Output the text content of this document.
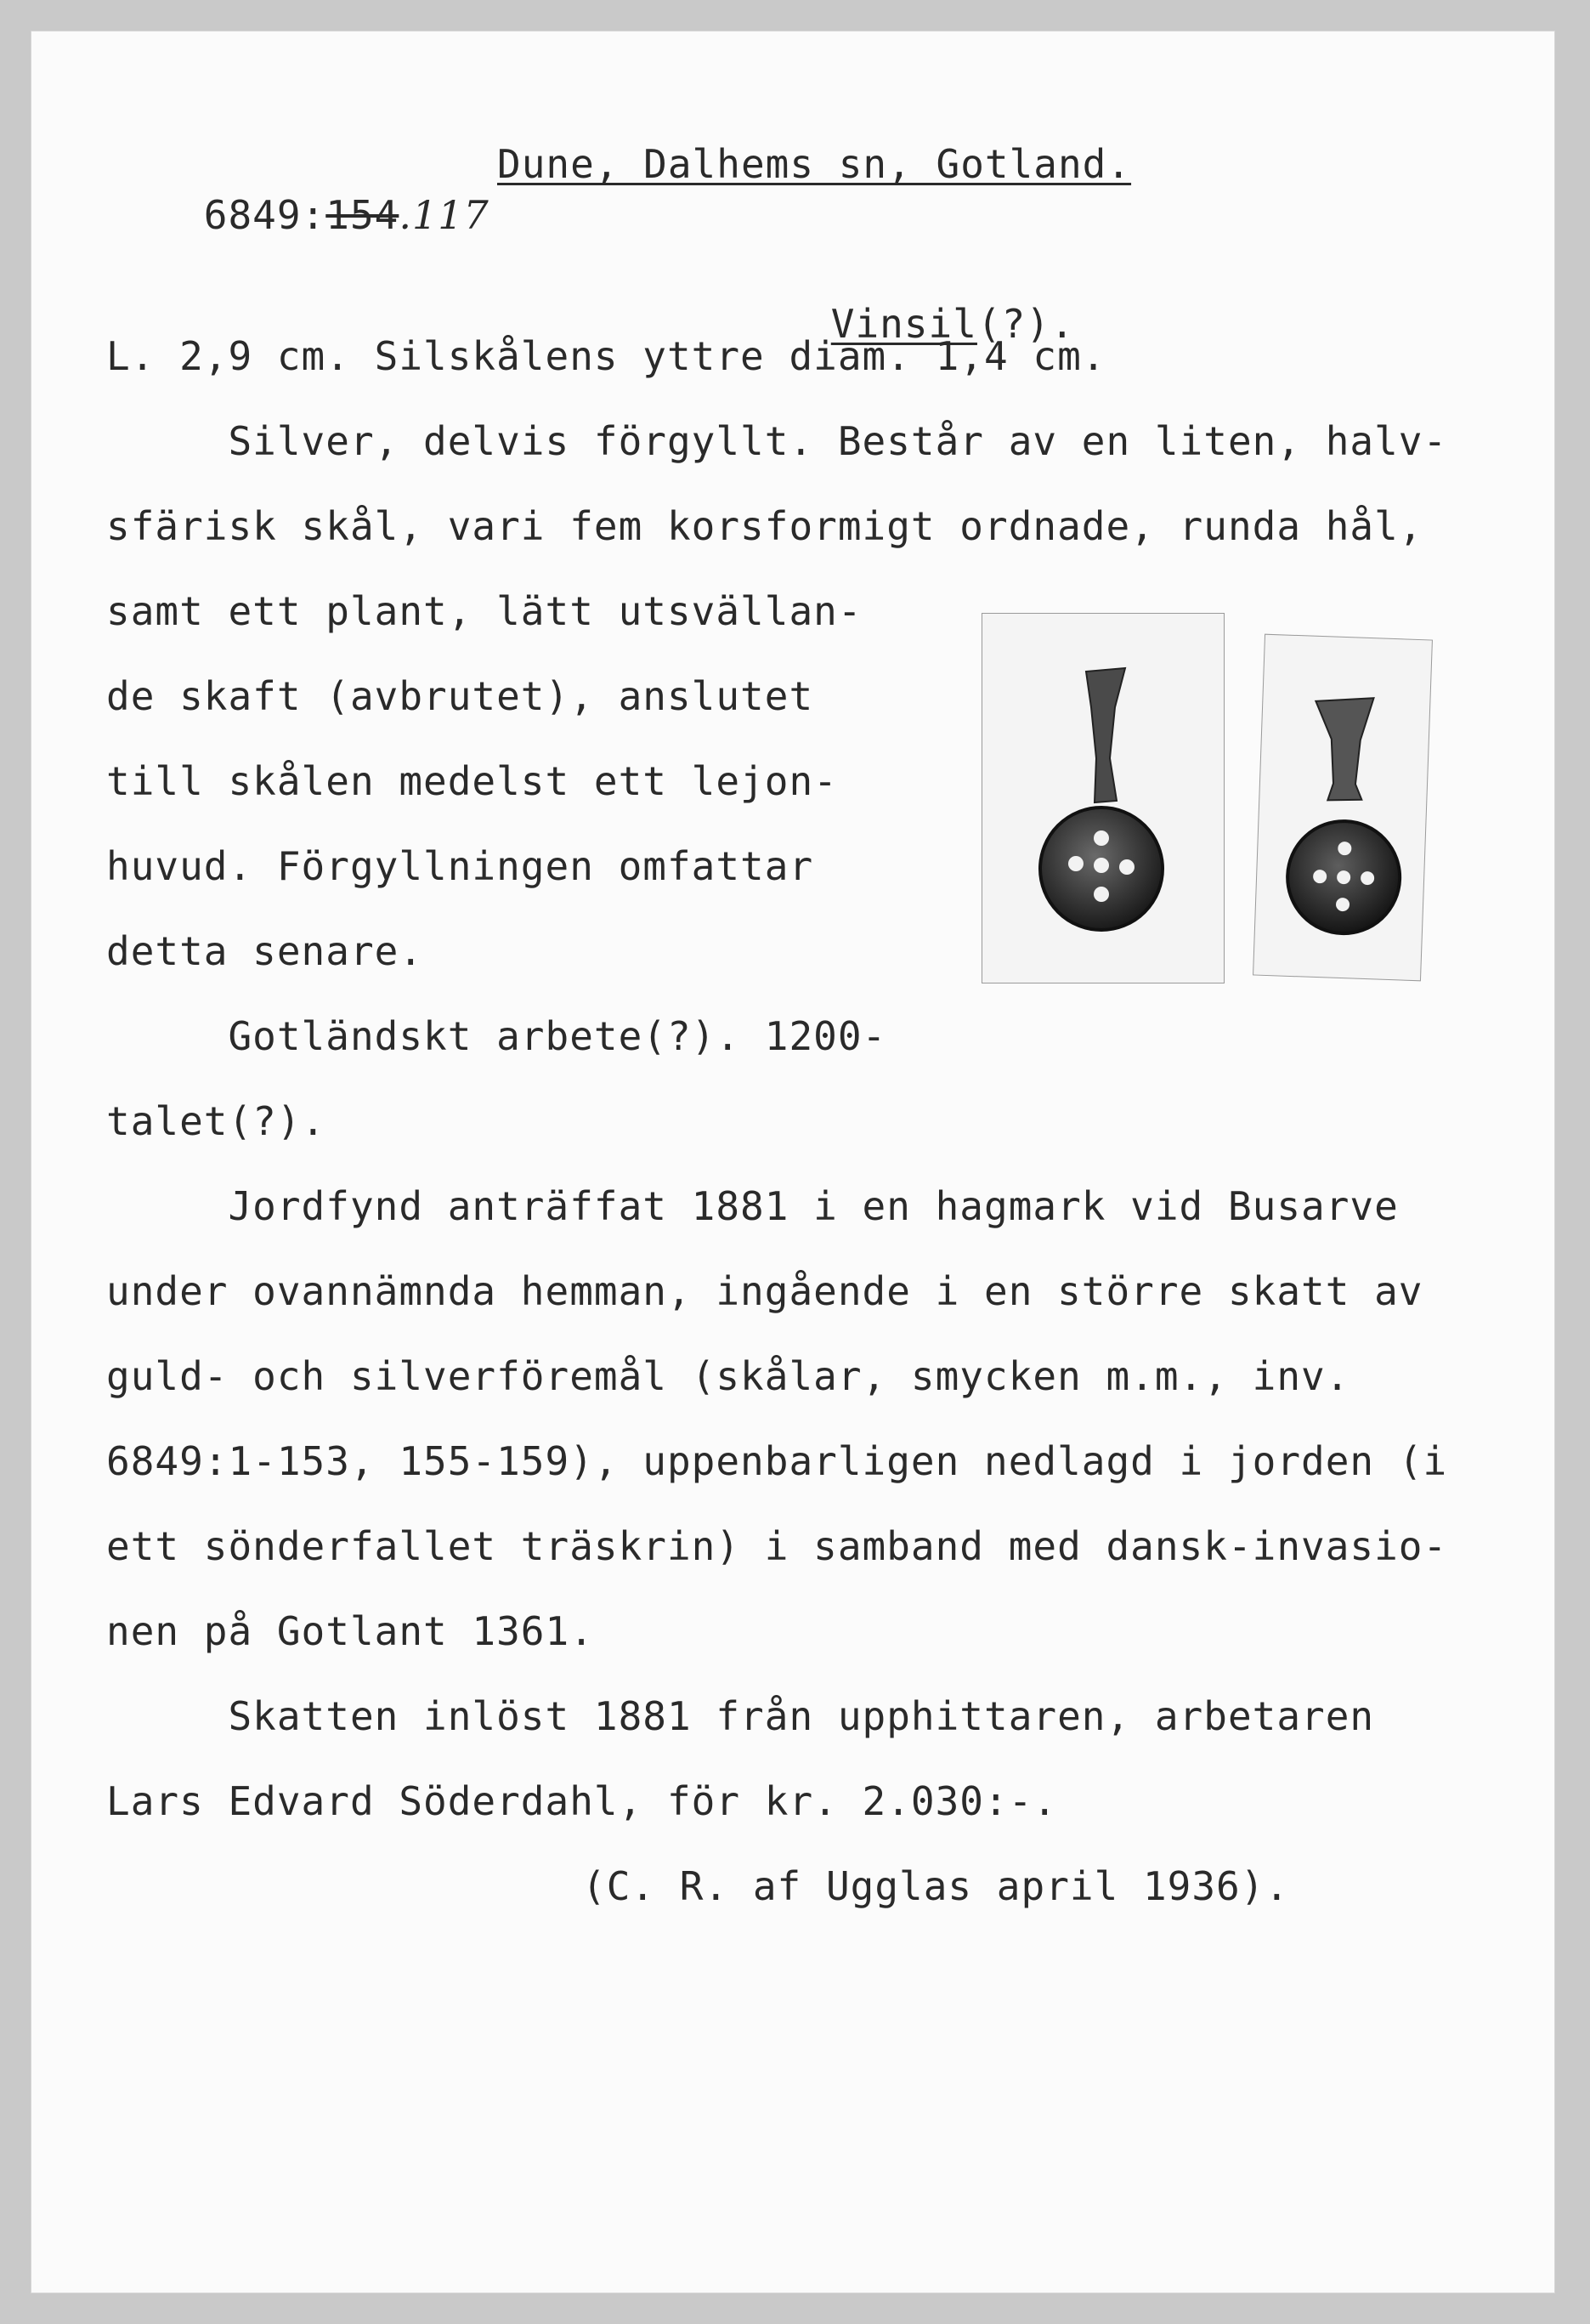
6849:154.117

Dune, Dalhems sn, Gotland.

Vinsil(?).

L. 2,9 cm. Silskålens yttre diam. 1,4 cm.
Silver, delvis förgyllt. Består av en liten, halv-
sfärisk skål, vari fem korsformigt ordnade, runda hål,
samt ett plant, lätt utsvällan-
de skaft (avbrutet), anslutet
till skålen medelst ett lejon-
huvud. Förgyllningen omfattar
detta senare.
Gotländskt arbete(?). 1200-
talet(?).
Jordfynd anträffat 1881 i en hagmark vid Busarve
under ovannämnda hemman, ingående i en större skatt av
guld- och silverföremål (skålar, smycken m.m., inv.
6849:1-153, 155-159), uppenbarligen nedlagd i jorden (i
ett sönderfallet träskrin) i samband med dansk-invasio-
nen på Gotlant 1361.
Skatten inlöst 1881 från upphittaren, arbetaren
Lars Edvard Söderdahl, för kr. 2.030:-.
(C. R. af Ugglas april 1936).
